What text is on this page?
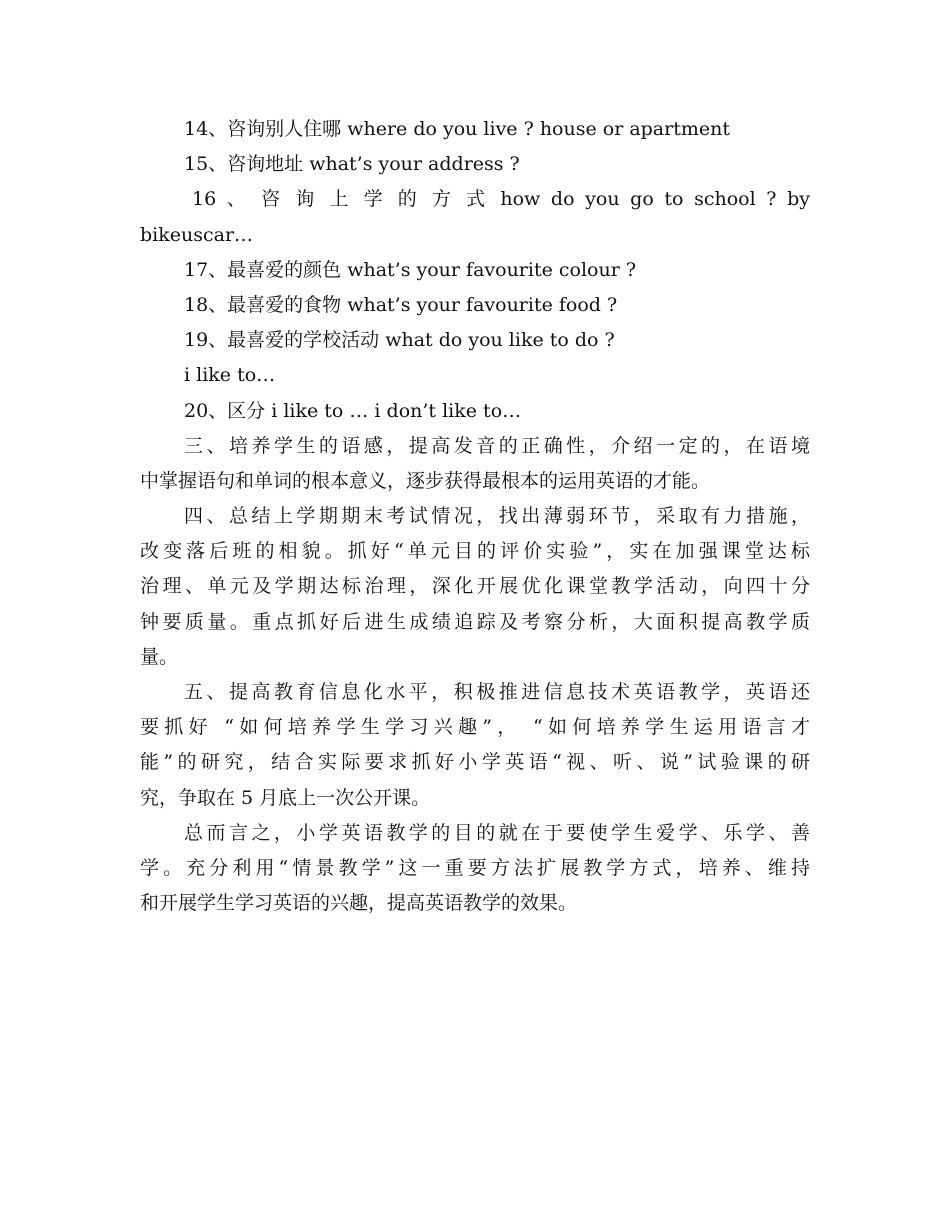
14、咨询别人住哪 where do you live ? house or apartment
15、咨询地址 what’s your address ?
16 、 咨 询 上 学 的 方 式 how do you go to school ? by
bikeuscar…
17、最喜爱的颜色 what’s your favourite colour ?
18、最喜爱的食物 what’s your favourite food ?
19、最喜爱的学校活动 what do you like to do ?
i like to…
20、区分 i like to … i don’t like to…
三、培养学生的语感，提高发音的正确性，介绍一定的，在语境
中掌握语句和单词的根本意义，逐步获得最根本的运用英语的才能。
四、总结上学期期末考试情况，找出薄弱环节，采取有力措施，
改变落后班的相貌。抓好“单元目的评价实验”，实在加强课堂达标
治理、单元及学期达标治理，深化开展优化课堂教学活动，向四十分
钟要质量。重点抓好后进生成绩追踪及考察分析，大面积提高教学质
量。
五、提高教育信息化水平，积极推进信息技术英语教学，英语还
要抓好 “如何培养学生学习兴趣”， “如何培养学生运用语言才
能”的研究，结合实际要求抓好小学英语“视、听、说”试验课的研
究，争取在 5 月底上一次公开课。
总而言之，小学英语教学的目的就在于要使学生爱学、乐学、善
学。充分利用“情景教学”这一重要方法扩展教学方式，培养、维持
和开展学生学习英语的兴趣，提高英语教学的效果。
